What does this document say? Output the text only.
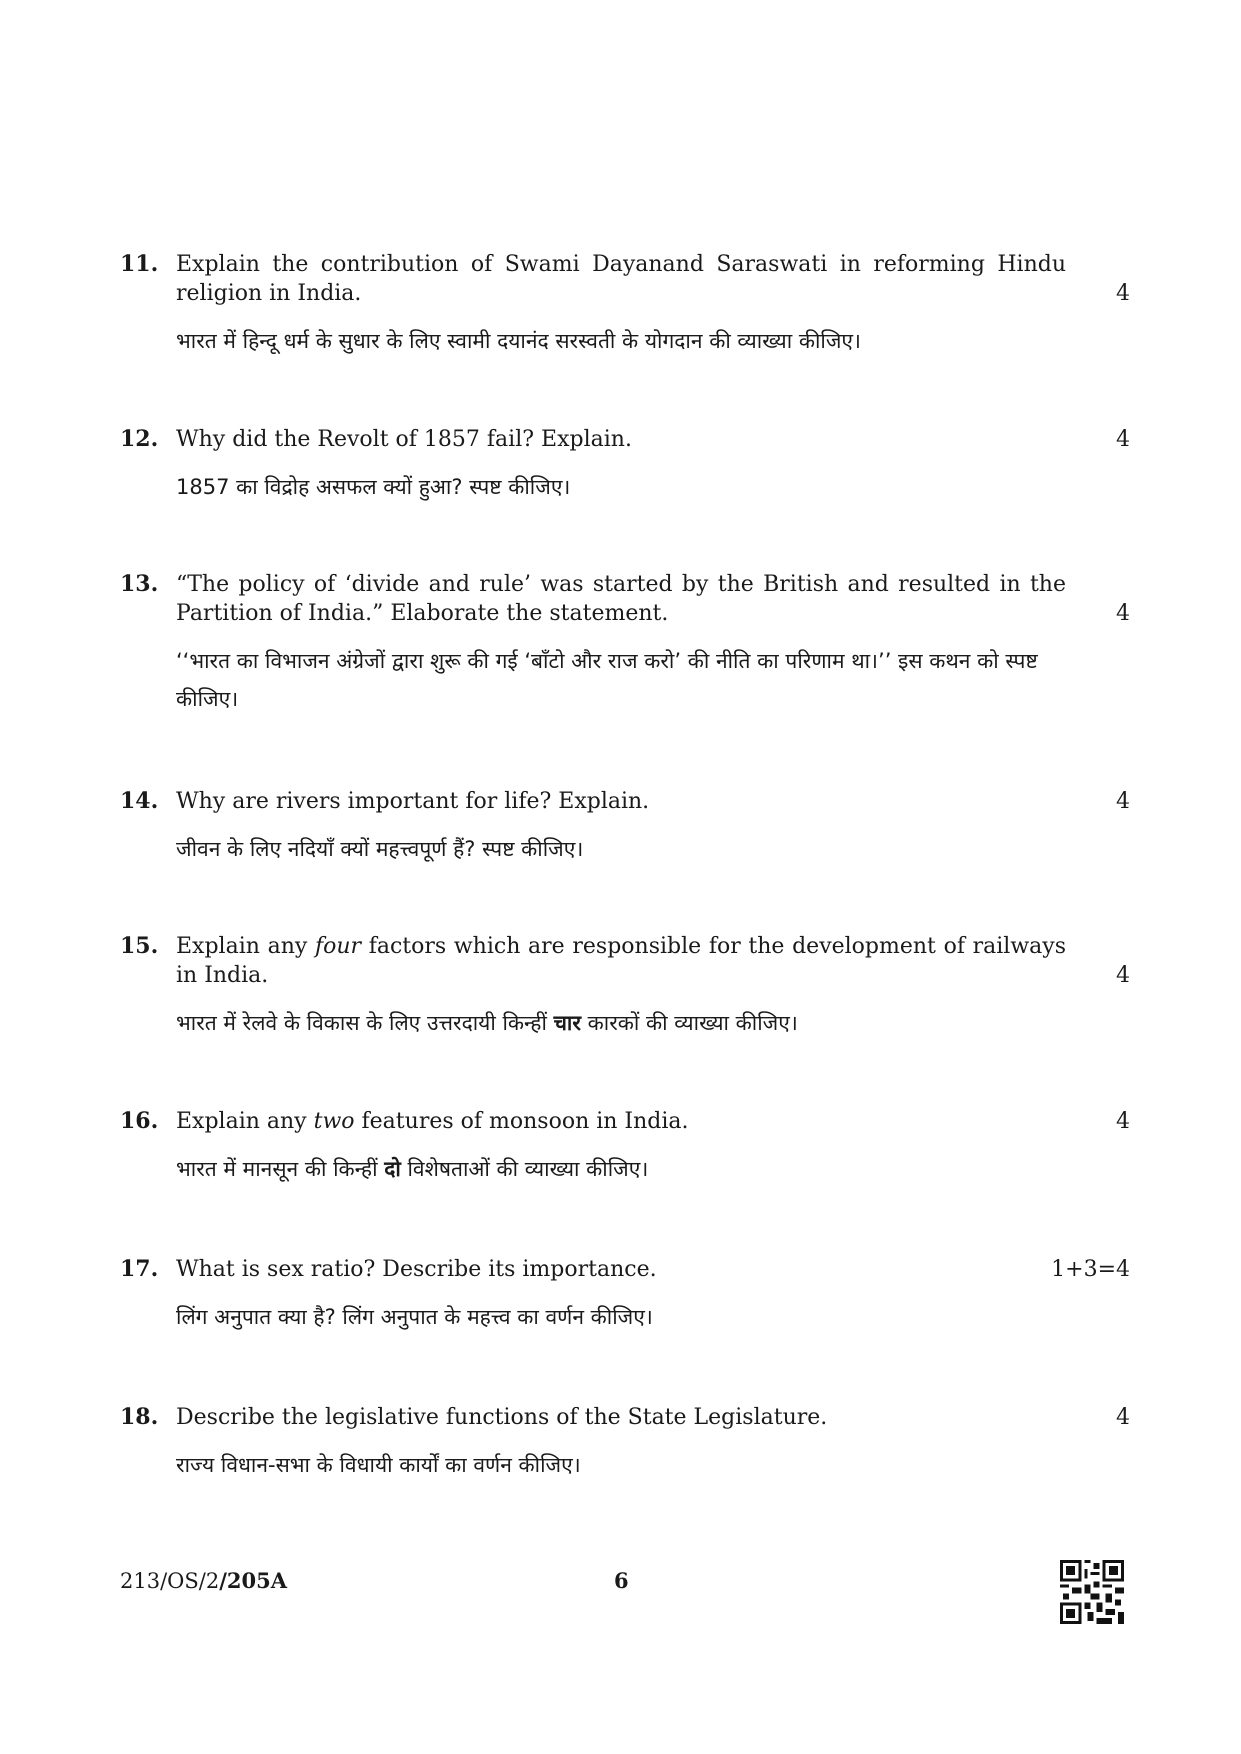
11. Explain the contribution of Swami Dayanand Saraswati in reforming Hindu religion in India.	4
भारत में हिन्दू धर्म के सुधार के लिए स्वामी दयानंद सरस्वती के योगदान की व्याख्या कीजिए।
12. Why did the Revolt of 1857 fail? Explain.	4
1857 का विद्रोह असफल क्यों हुआ? स्पष्ट कीजिए।
13. “The policy of ‘divide and rule’ was started by the British and resulted in the Partition of India.” Elaborate the statement.	4
‘‘भारत का विभाजन अंग्रेजों द्वारा शुरू की गई ‘बाँटो और राज करो’ की नीति का परिणाम था।’’ इस कथन को स्पष्ट कीजिए।
14. Why are rivers important for life? Explain.	4
जीवन के लिए नदियाँ क्यों महत्त्वपूर्ण हैं? स्पष्ट कीजिए।
15. Explain any four factors which are responsible for the development of railways in India.	4
भारत में रेलवे के विकास के लिए उत्तरदायी किन्हीं चार कारकों की व्याख्या कीजिए।
16. Explain any two features of monsoon in India.	4
भारत में मानसून की किन्हीं दो विशेषताओं की व्याख्या कीजिए।
17. What is sex ratio? Describe its importance.	1+3=4
लिंग अनुपात क्या है? लिंग अनुपात के महत्त्व का वर्णन कीजिए।
18. Describe the legislative functions of the State Legislature.	4
राज्य विधान-सभा के विधायी कार्यों का वर्णन कीजिए।
213/OS/2/205A	6
